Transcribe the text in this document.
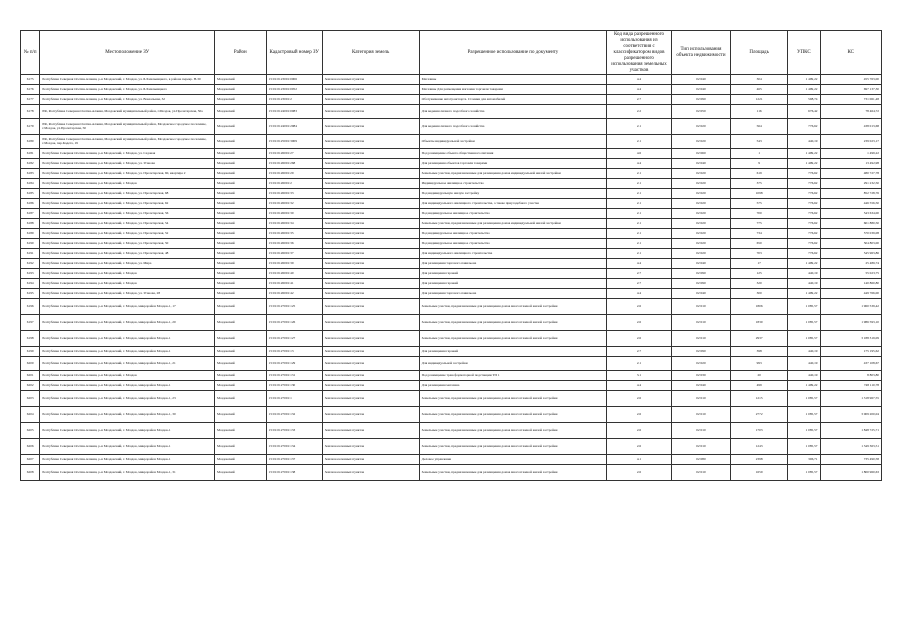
№ п/п	Местоположение ЗУ	Район	Кадастровый номер ЗУ	Категория земель	Разрешенное использование по документу	Код вида разрешенного использования из соответствия с классификатором видов разрешенного использования земельных участков	Тип использования объекта недвижимости	Площадь	УПКС	КС
6175	Республика Северная Осетия-Алания, р-н Моздокский, г. Моздок, ул. Б.Хмельницкого, в районе перекр. Н-30	Моздокский	15:01:0123001:0006	Земли населенных пунктов	Магазины	4.4	02:040	304	1 499,22	455 763,00
6176	Республика Северная Осетия-Алания, р-н Моздокский, г. Моздок, ул. Б.Хмельницкого	Моздокский	15:01:0123001:0052	Земли населенных пунктов	Магазины Для размещения магазина торговли товарами	4.4	02:040	465	1 499,22	697 137,30
6177	Республика Северная Осетия-Алания, р-н Моздокский, г. Моздок, ул. Вокзальная, 32	Моздокский	15:01:0123001:2	Земли населенных пунктов	Обслуживание автотранспорта. Стоянки для автомобилей	2.7	02:090	1221	598,74	731 061,48
6178	РФ, Республика Северная Осетия-Алания, Моздокский муниципальный район, г.Моздок, ул.Пролетарская, 50а	Моздокский	15:01:0124001:0083	Земли населенных пунктов	Для ведения личного подсобного хозяйства	2.2	02:050	116	676,42	78 464,72
6179	РФ, Республика Северная Осетия-Алания, Моздокский муниципальный район, Моздокское городское поселение, г.Моздок, ул.Пролетарская, 50	Моздокский	15:01:0124001:2984	Земли населенных пунктов	Для ведения личного подсобного хозяйства	2.1	02:020	564	776,62	438 013,68
6180	РФ, Республика Северная Осетия-Алания, Моздокский муниципальный район, Моздокское городское поселение, г.Моздок, пер.Кадета, 19	Моздокский	15:01:0125001:3009	Земли населенных пунктов	Объекты индивидуальной застройки	2.1	02:020	543	440,19	239 023,17
6181	Республика Северная Осетия-Алания, р-н Моздокский, г. Моздок, ул. Садовая	Моздокский	15:01:0126001:27	Земли населенных пунктов	Под размещение объекта общественного питания	4.6	02:060	1	1 499,22	1 499,22
6182	Республика Северная Осетия-Алания, р-н Моздокский, г. Моздок, ул. Усанова	Моздокский	15:01:0126001:268	Земли населенных пунктов	Для размещения объектов торговли товарами	4.4	02:040	9	1 499,22	13 492,98
6183	Республика Северная Осетия-Алания, р-н Моздокский, г. Моздок, ул. Пролетарская, 60, квартира 2	Моздокский	15:01:0126001:29	Земли населенных пунктов	Земельные участки, предназначенные для размещения домов индивидуальной жилой застройки	2.1	02:020	619	776,62	480 727,78
6184	Республика Северная Осетия-Алания, р-н Моздокский, г. Моздок	Моздокский	15:01:0126001:2	Земли населенных пунктов	Индивидуальное жилищное строительство	2.1	02:020	375	776,62	291 232,50
6185	Республика Северная Осетия-Алания, р-н Моздокский, г. Моздок, ул. Пролетарская, 68	Моздокский	15:01:0126001:33	Земли населенных пунктов	Под индивидуальную жилую застройку	2.1	02:020	1098	776,62	852 728,76
6186	Республика Северная Осетия-Алания, р-н Моздокский, г. Моздок, ул. Пролетарская, 62	Моздокский	15:01:0126001:32	Земли населенных пунктов	Для индивидуального жилищного строительства, а также приусадебного участка	2.1	02:020	575	776,62	446 556,50
6187	Республика Северная Осетия-Алания, р-н Моздокский, г. Моздок, ул. Пролетарская, 56	Моздокский	15:01:0126001:30	Земли населенных пунктов	Под индивидуальное жилищное строительство	2.1	02:020	700	776,62	543 634,00
6188	Республика Северная Осетия-Алания, р-н Моздокский, г. Моздок, ул. Пролетарская, 54	Моздокский	15:01:0126001:34	Земли населенных пунктов	Земельные участки, предназначенные для размещения домов индивидуальной жилой застройки	2.1	02:020	775	776,62	601 880,50
6189	Республика Северная Осетия-Алания, р-н Моздокский, г. Моздок, ул. Пролетарская, 52	Моздокский	15:01:0126001:35	Земли населенных пунктов	Под индивидуальное жилищное строительство	2.1	02:020	734	776,62	570 039,08
6190	Республика Северная Осетия-Алания, р-н Моздокский, г. Моздок, ул. Пролетарская, 50	Моздокский	15:01:0126001:36	Земли населенных пунктов	Под индивидуальное жилищное строительство	2.1	02:020	650	776,62	504 803,00
6191	Республика Северная Осетия-Алания, р-н Моздокский, г. Моздок, ул. Пролетарская, 48	Моздокский	15:01:0126001:37	Земли населенных пунктов	Для индивидуального жилищного строительства	2.1	02:020	703	776,62	545 963,86
6192	Республика Северная Осетия-Алания, р-н Моздокский, г. Моздок, ул. Мира	Моздокский	15:01:0126001:39	Земли населенных пунктов	Для размещения торгового павильона	4.4	02:040	17	1 499,22	25 486,74
6193	Республика Северная Осетия-Алания, р-н Моздокский, г. Моздок	Моздокский	15:01:0126001:40	Земли населенных пунктов	Для размещения гаражей	2.7	02:090	125	440,19	55 023,75
6194	Республика Северная Осетия-Алания, р-н Моздокский, г. Моздок	Моздокский	15:01:0126001:41	Земли населенных пунктов	Для размещения гаражей	2.7	02:090	320	440,19	140 860,80
6195	Республика Северная Осетия-Алания, р-н Моздокский, г. Моздок, ул. Усанова, 28	Моздокский	15:01:0126001:42	Земли населенных пунктов	Для размещения торгового павильона	4.4	02:040	300	1 499,22	449 766,00
6196	Республика Северная Осетия-Алания, р-н Моздокский, г. Моздок, микрорайон Моздок-1, 17	Моздокский	15:01:0127001:125	Земли населенных пунктов	Земельные участки, предназначенные для размещения домов многоэтажной жилой застройки	2.6	02:010	1806	1 085,57	1 960 539,42
6197	Республика Северная Осетия-Алания, р-н Моздокский, г. Моздок, микрорайон Моздок-1, 20	Моздокский	15:01:0127001:126	Земли населенных пунктов	Земельные участки, предназначенные для размещения домов многоэтажной жилой застройки	2.6	02:010	1830	1 085,57	1 986 593,10
6198	Республика Северная Осетия-Алания, р-н Моздокский, г. Моздок, микрорайон Моздок-1	Моздокский	15:01:0127001:127	Земли населенных пунктов	Земельные участки, предназначенные для размещения домов многоэтажной жилой застройки	2.6	02:010	2937	1 085,57	3 188 319,09
6199	Республика Северная Осетия-Алания, р-н Моздокский, г. Моздок, микрорайон Моздок-1	Моздокский	15:01:0127001:13	Земли населенных пунктов	Для размещения гаражей	2.7	02:090	398	440,19	175 195,62
6200	Республика Северная Осетия-Алания, р-н Моздокский, г. Моздок, микрорайон Моздок-1, 21	Моздокский	15:01:0127001:129	Земли населенных пунктов	Для индивидуальной застройки	2.1	02:020	993	440,19	437 108,67
6201	Республика Северная Осетия-Алания, р-н Моздокский, г. Моздок	Моздокский	15:01:0127001:131	Земли населенных пунктов	Под размещение трансформаторной подстанции ТП 1	3.1	02:030	20	440,19	8 803,80
6202	Республика Северная Осетия-Алания, р-н Моздокский, г. Моздок, микрорайон Моздок-1	Моздокский	15:01:0127001:130	Земли населенных пунктов	Для размещения магазина	4.4	02:040	499	1 499,22	748 110,78
6203	Республика Северная Осетия-Алания, р-н Моздокский, г. Моздок, микрорайон Моздок-1, 23	Моздокский	15:01:0127001:1	Земли населенных пунктов	Земельные участки, предназначенные для размещения домов многоэтажной жилой застройки	2.6	02:010	1215	1 085,57	1 318 967,55
6204	Республика Северная Осетия-Алания, р-н Моздокский, г. Моздок, микрорайон Моздок-1, 30	Моздокский	15:01:0127001:132	Земли населенных пунктов	Земельные участки, предназначенные для размещения домов многоэтажной жилой застройки	2.6	02:010	2772	1 085,57	3 009 200,04
6205	Республика Северная Осетия-Алания, р-н Моздокский, г. Моздок, микрорайон Моздок-1	Моздокский	15:01:0127001:133	Земли населенных пунктов	Земельные участки, предназначенные для размещения домов многоэтажной жилой застройки	2.6	02:010	1703	1 085,57	1 848 725,71
6206	Республика Северная Осетия-Алания, р-н Моздокский, г. Моздок, микрорайон Моздок-1	Моздокский	15:01:0127001:134	Земли населенных пунктов	Земельные участки, предназначенные для размещения домов многоэтажной жилой застройки	2.6	02:010	1243	1 085,57	1 349 363,51
6207	Республика Северная Осетия-Алания, р-н Моздокский, г. Моздок, микрорайон Моздок-1	Моздокский	15:01:0127001:137	Земли населенных пунктов	Деловое управление	4.1	02:080	2398	306,71	735 490,58
6208	Республика Северная Осетия-Алания, р-н Моздокский, г. Моздок, микрорайон Моздок-1, 31	Моздокский	15:01:0127001:138	Земли населенных пунктов	Земельные участки, предназначенные для размещения домов многоэтажной жилой застройки	2.6	02:010	1659	1 085,57	1 800 960,63
